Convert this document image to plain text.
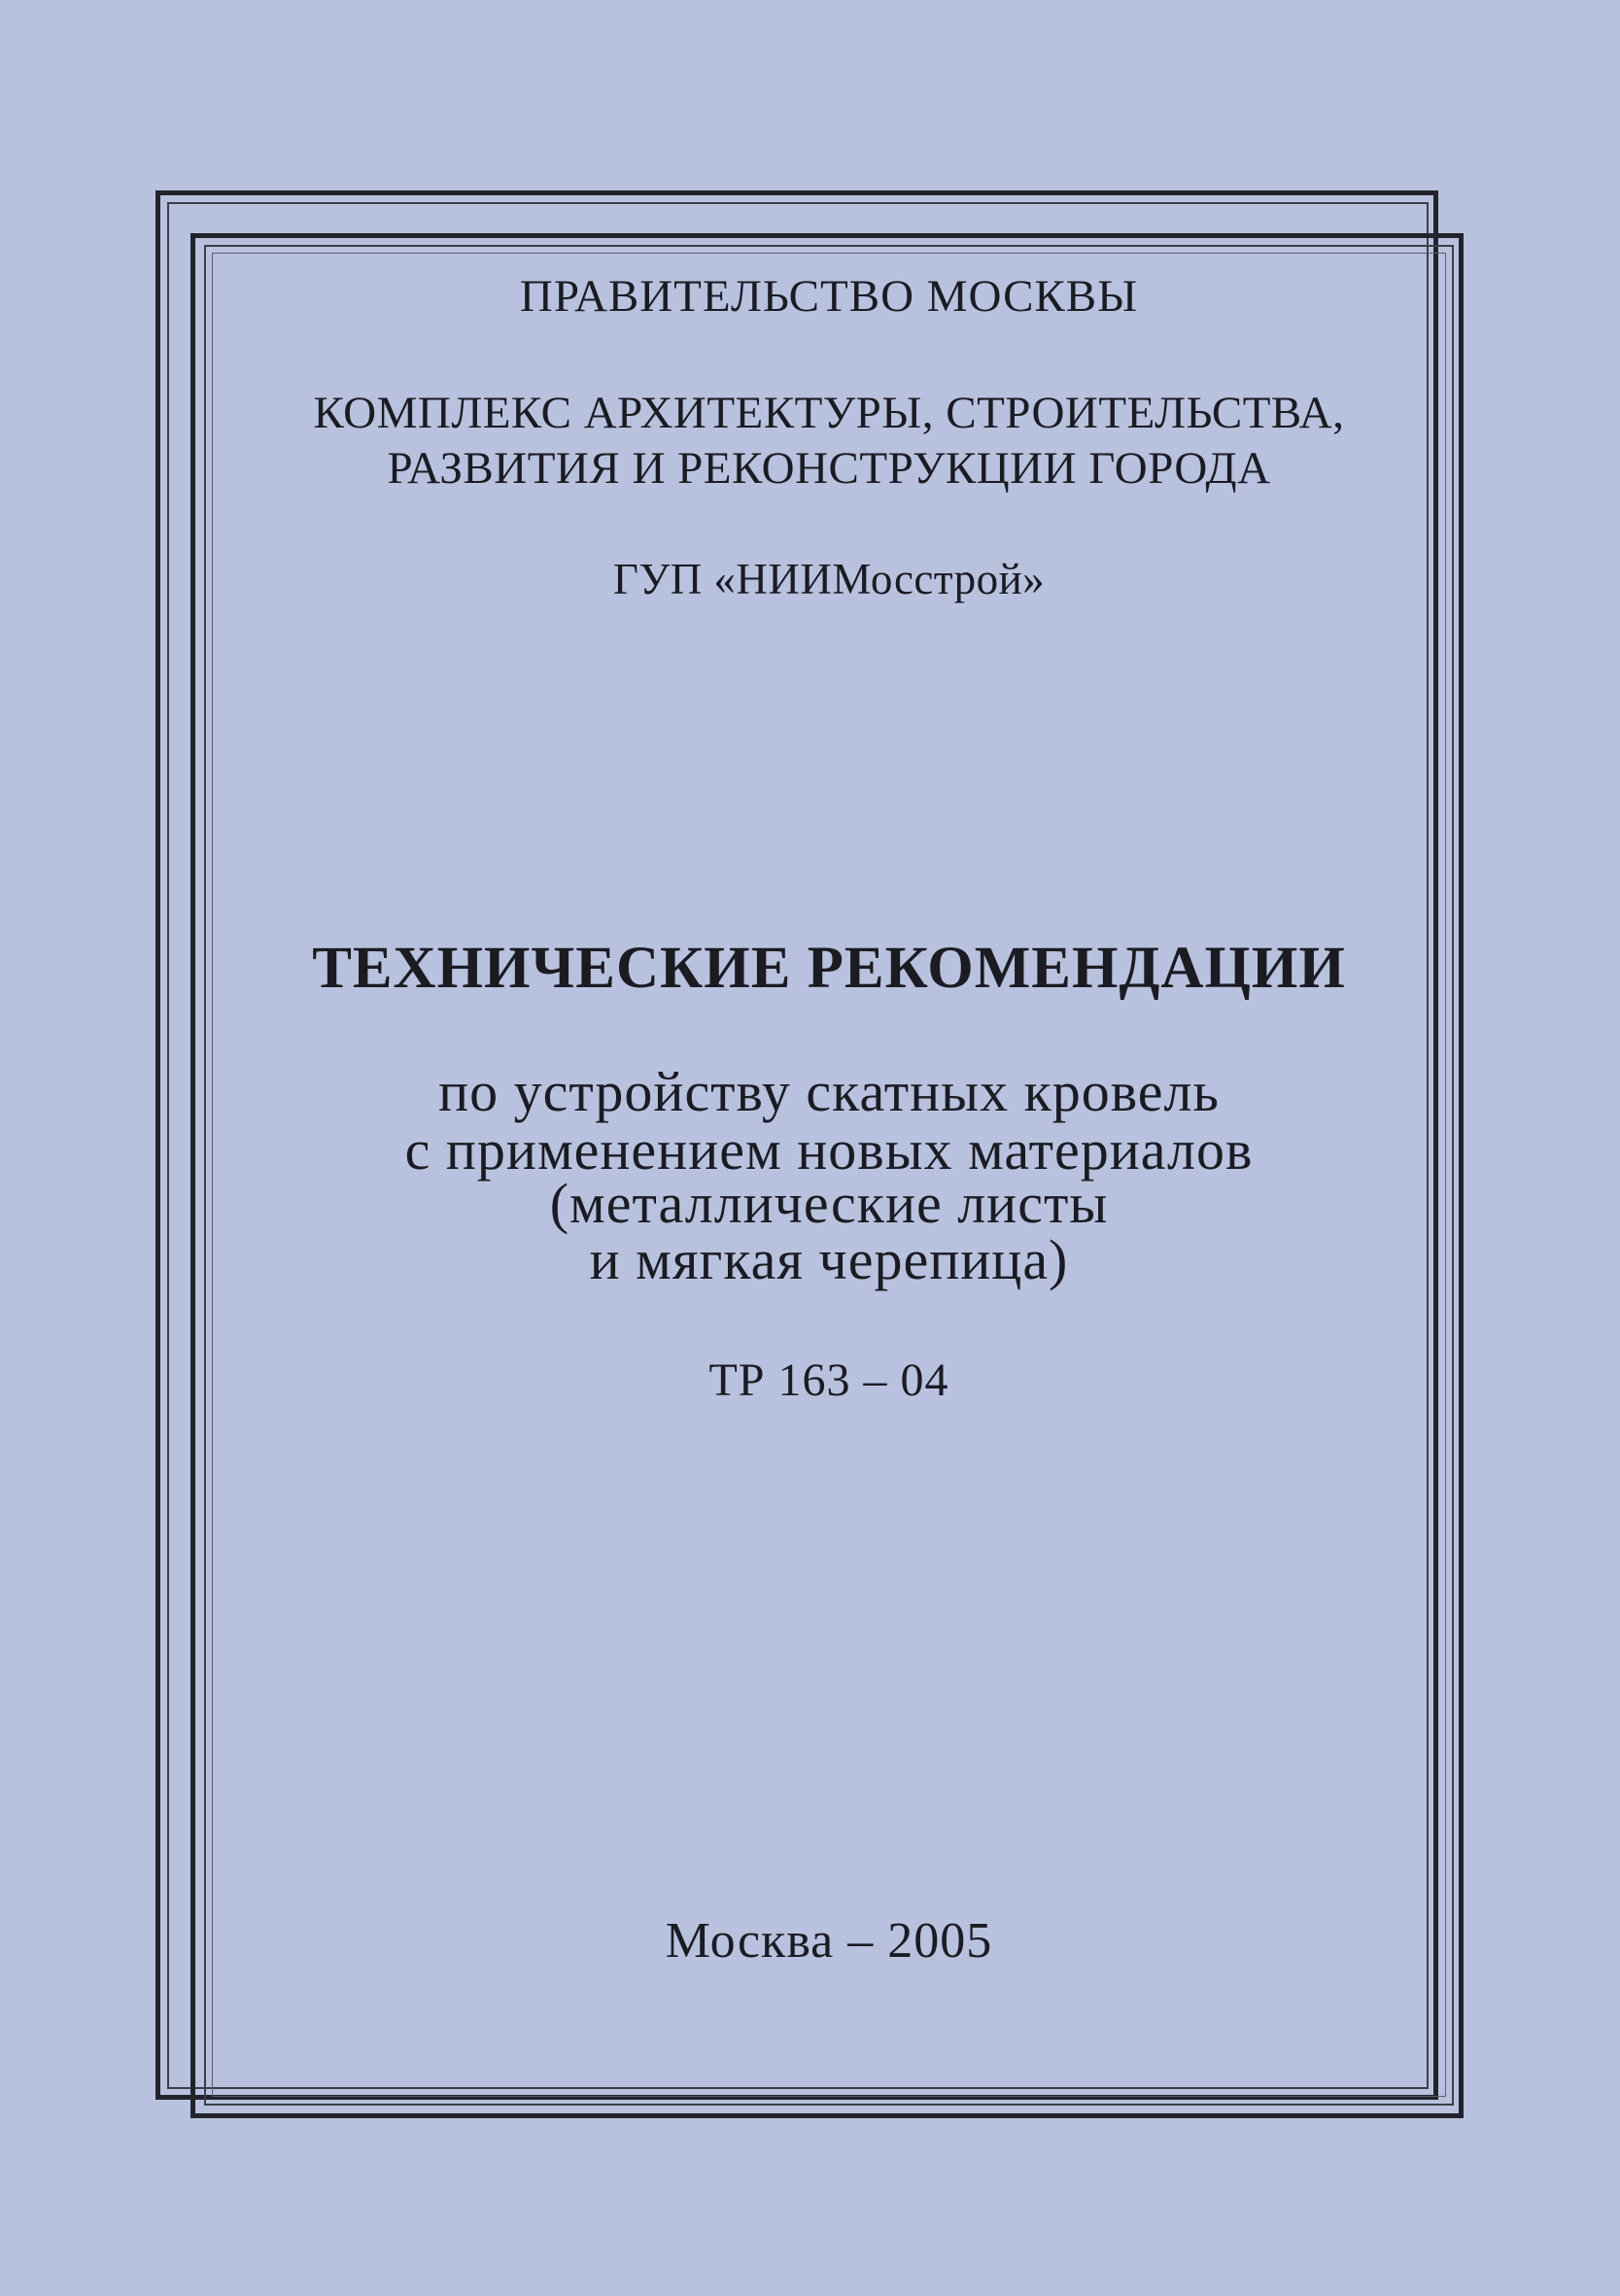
ПРАВИТЕЛЬСТВО МОСКВЫ
КОМПЛЕКС АРХИТЕКТУРЫ, СТРОИТЕЛЬСТВА,
РАЗВИТИЯ И РЕКОНСТРУКЦИИ ГОРОДА
ГУП «НИИМосстрой»
ТЕХНИЧЕСКИЕ РЕКОМЕНДАЦИИ
по устройству скатных кровель
с применением новых материалов
(металлические листы
и мягкая черепица)
ТР 163 – 04
Москва – 2005
